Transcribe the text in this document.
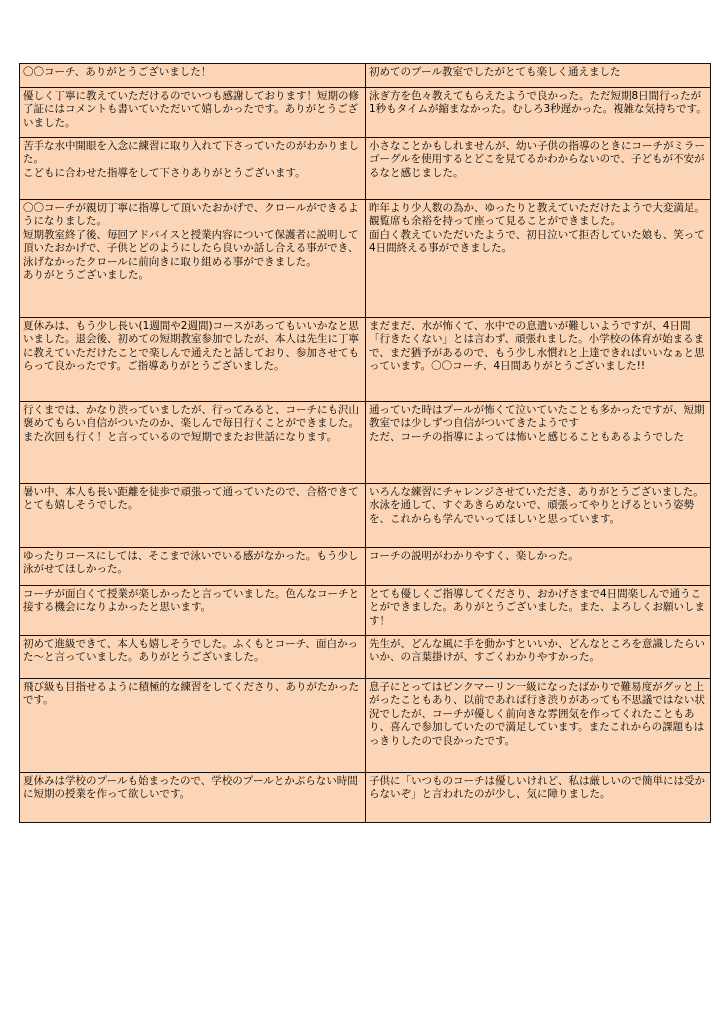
〇〇コーチ、ありがとうございました！	初めてのプール教室でしたがとても楽しく通えました

優しく丁寧に教えていただけるのでいつも感謝しております！短期の修了証にはコメントも書いていただいて嬉しかったです。ありがとうございました。	泳ぎ方を色々教えてもらえたようで良かった。ただ短期8日間行ったが1秒もタイムが縮まなかった。むしろ3秒遅かった。複雑な気持ちです。

苦手な水中開眼を入念に練習に取り入れて下さっていたのがわかりました。
こどもに合わせた指導をして下さりありがとうございます。	小さなことかもしれませんが、幼い子供の指導のときにコーチがミラーゴーグルを使用するとどこを見てるかわからないので、子どもが不安がるなと感じました。

〇〇コーチが親切丁寧に指導して頂いたおかげで、クロールができるようになりました。
短期教室終了後、毎回アドバイスと授業内容について保護者に説明して頂いたおかげで、子供とどのようにしたら良いか話し合える事ができ、泳げなかったクロールに前向きに取り組める事ができました。
ありがとうございました。	昨年より少人数の為か、ゆったりと教えていただけたようで大変満足。観覧席も余裕を持って座って見ることができました。
面白く教えていただいたようで、初日泣いて拒否していた娘も、笑って4日間終える事ができました。

夏休みは、もう少し長い(1週間や2週間)コースがあってもいいかなと思いました。退会後、初めての短期教室参加でしたが、本人は先生に丁寧に教えていただけたことで楽しんで通えたと話しており、参加させてもらって良かったです。ご指導ありがとうございました。	まだまだ、水が怖くて、水中での息遣いが難しいようですが、4日間「行きたくない」とは言わず、頑張れました。小学校の体育が始まるまで、まだ猶予があるので、もう少し水慣れと上達できればいいなぁと思っています。〇〇コーチ、4日間ありがとうございました!!

行くまでは、かなり渋っていましたが、行ってみると、コーチにも沢山褒めてもらい自信がついたのか、楽しんで毎日行くことができました。
また次回も行く！と言っているので短期でまたお世話になります。	通っていた時はプールが怖くて泣いていたことも多かったですが、短期教室では少しずつ自信がついてきたようです
ただ、コーチの指導によっては怖いと感じることもあるようでした

暑い中、本人も長い距離を徒歩で頑張って通っていたので、合格できてとても嬉しそうでした。	いろんな練習にチャレンジさせていただき、ありがとうございました。
水泳を通して、すぐあきらめないで、頑張ってやりとげるという姿勢を、これからも学んでいってほしいと思っています。

ゆったりコースにしては、そこまで泳いでいる感がなかった。もう少し泳がせてほしかった。	コーチの説明がわかりやすく、楽しかった。

コーチが面白くて授業が楽しかったと言っていました。色んなコーチと接する機会になりよかったと思います。	とても優しくご指導してくださり、おかげさまで4日間楽しんで通うことができました。ありがとうございました。また、よろしくお願いします！

初めて進級できて、本人も嬉しそうでした。ふくもとコーチ、面白かった〜と言っていました。ありがとうございました。	先生が、どんな風に手を動かすといいか、どんなところを意識したらいいか、の言葉掛けが、すごくわかりやすかった。

飛び級も目指せるように積極的な練習をしてくださり、ありがたかったです。	息子にとってはピンクマーリン一級になったばかりで難易度がグッと上がったこともあり、以前であれば行き渋りがあっても不思議ではない状況でしたが、コーチが優しく前向きな雰囲気を作ってくれたこともあり、喜んで参加していたので満足しています。またこれからの課題もはっきりしたので良かったです。

夏休みは学校のプールも始まったので、学校のプールとかぶらない時間に短期の授業を作って欲しいです。	子供に「いつものコーチは優しいけれど、私は厳しいので簡単には受からないぞ」と言われたのが少し、気に障りました。
